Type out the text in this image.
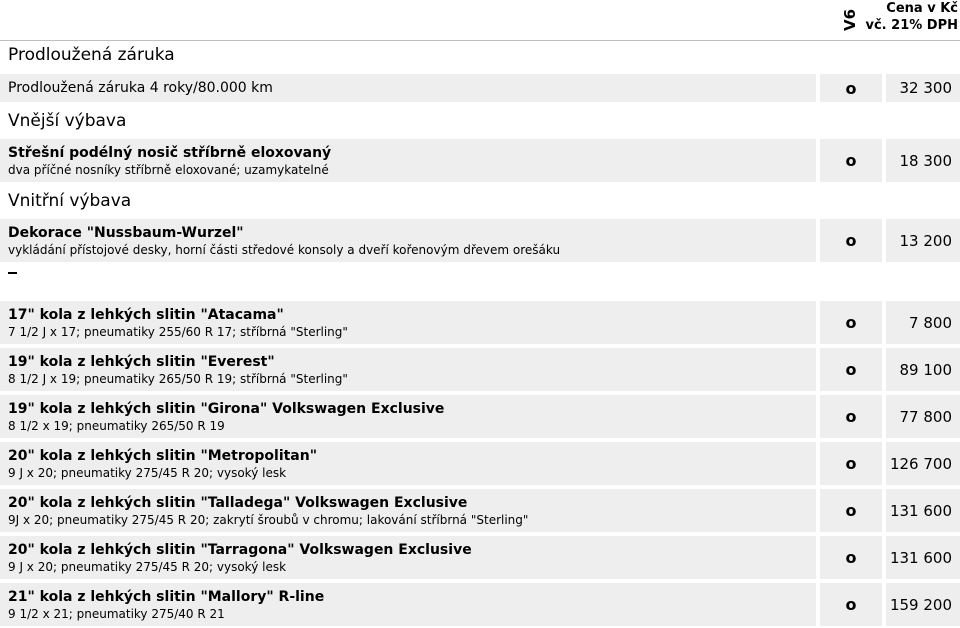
V6
Cena v Kč
vč. 21% DPH
Prodloužená záruka
Prodloužená záruka 4 roky/80.000 km	o	32 300
Vnější výbava
Střešní podélný nosič stříbrně eloxovaný
dva příčné nosníky stříbrně eloxované; uzamykatelné	o	18 300
Vnitřní výbava
Dekorace "Nussbaum-Wurzel"
vykládání přístojové desky, horní části středové konsoly a dveří kořenovým dřevem orešáku	o	13 200
17" kola z lehkých slitin "Atacama"
7 1/2 J x 17; pneumatiky 255/60 R 17; stříbrná "Sterling"	o	7 800
19" kola z lehkých slitin "Everest"
8 1/2 J x 19; pneumatiky 265/50 R 19; stříbrná "Sterling"	o	89 100
19" kola z lehkých slitin "Girona" Volkswagen Exclusive
8 1/2 x 19; pneumatiky 265/50 R 19	o	77 800
20" kola z lehkých slitin "Metropolitan"
9 J x 20; pneumatiky 275/45 R 20; vysoký lesk	o	126 700
20" kola z lehkých slitin "Talladega" Volkswagen Exclusive
9J x 20; pneumatiky 275/45 R 20; zakrytí šroubů v chromu; lakování stříbrná "Sterling"	o	131 600
20" kola z lehkých slitin "Tarragona" Volkswagen Exclusive
9 J x 20; pneumatiky 275/45 R 20; vysoký lesk	o	131 600
21" kola z lehkých slitin "Mallory" R-line
9 1/2 x 21; pneumatiky 275/40 R 21	o	159 200
